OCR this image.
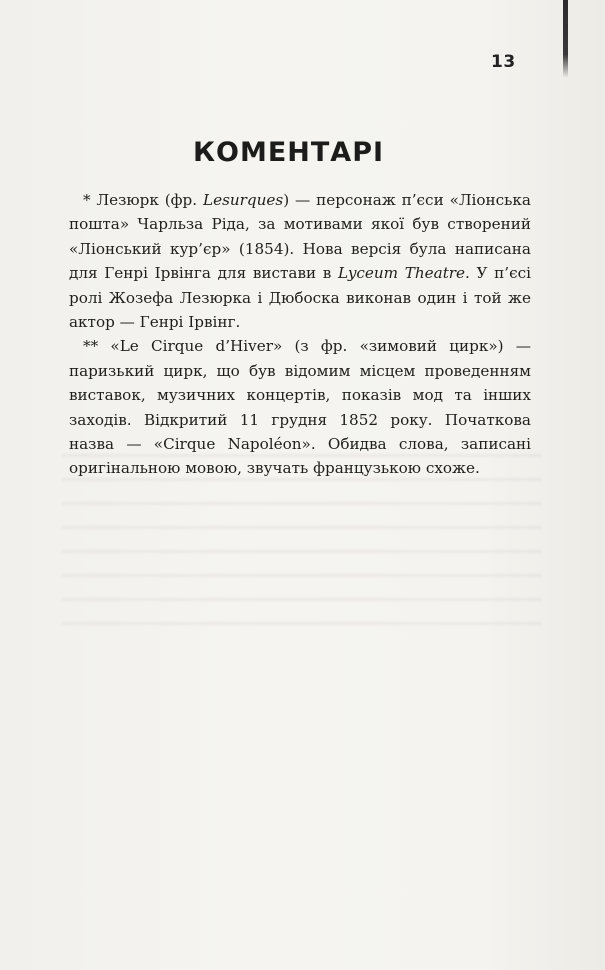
13
КОМЕНТАРІ

* Лезюрк (фр. Lesurques) — персонаж п’єси «Ліонська пошта» Чарльза Ріда, за мотивами якої був створений «Ліонський кур’єр» (1854). Нова версія була написана для Генрі Ірвінга для вистави в Lyceum Theatre. У п’єсі ролі Жозефа Лезюрка і Дюбоска виконав один і той же актор — Генрі Ірвінг.

** «Le Cirque d’Hiver» (з фр. «зимовий цирк») — паризький цирк, що був відомим місцем проведенням виставок, музичних концертів, показів мод та інших заходів. Відкритий 11 грудня 1852 року. Початкова назва — «Cirque Napoléon». Обидва слова, записані оригінальною мовою, звучать французькою схоже.
